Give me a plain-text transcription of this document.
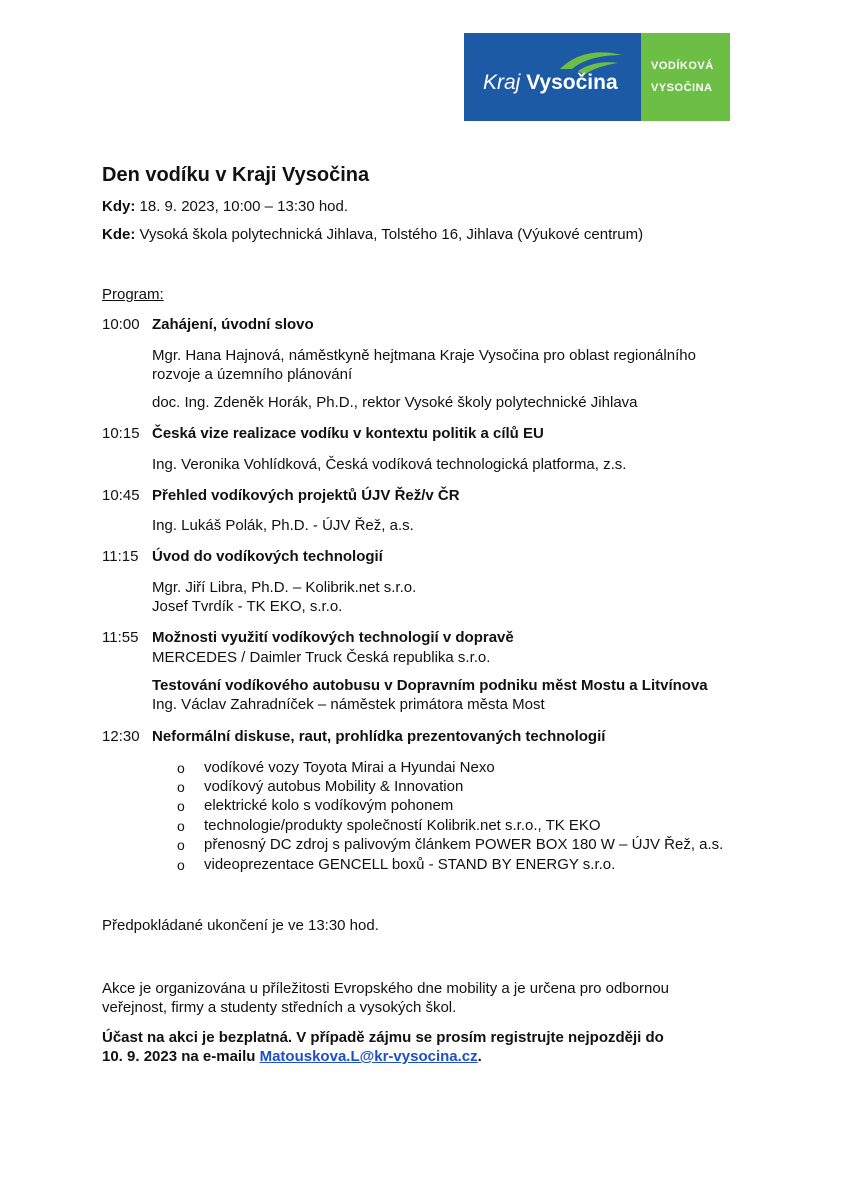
Kraj Vysočina
VODÍKOVÁ
VYSOČINA
Den vodíku v Kraji Vysočina
Kdy: 18. 9. 2023, 10:00 – 13:30 hod.
Kde: Vysoká škola polytechnická Jihlava, Tolstého 16, Jihlava (Výukové centrum)
Program:
10:00 Zahájení, úvodní slovo
Mgr. Hana Hajnová, náměstkyně hejtmana Kraje Vysočina pro oblast regionálního
rozvoje a územního plánování
doc. Ing. Zdeněk Horák, Ph.D., rektor Vysoké školy polytechnické Jihlava
10:15 Česká vize realizace vodíku v kontextu politik a cílů EU
Ing. Veronika Vohlídková, Česká vodíková technologická platforma, z.s.
10:45 Přehled vodíkových projektů ÚJV Řež/v ČR
Ing. Lukáš Polák, Ph.D. - ÚJV Řež, a.s.
11:15 Úvod do vodíkových technologií
Mgr. Jiří Libra, Ph.D. – Kolibrik.net s.r.o.
Josef Tvrdík - TK EKO, s.r.o.
11:55 Možnosti využití vodíkových technologií v dopravě
MERCEDES / Daimler Truck Česká republika s.r.o.
Testování vodíkového autobusu v Dopravním podniku měst Mostu a Litvínova
Ing. Václav Zahradníček – náměstek primátora města Most
12:30 Neformální diskuse, raut, prohlídka prezentovaných technologií
o vodíkové vozy Toyota Mirai a Hyundai Nexo
o vodíkový autobus Mobility & Innovation
o elektrické kolo s vodíkovým pohonem
o technologie/produkty společností Kolibrik.net s.r.o., TK EKO
o přenosný DC zdroj s palivovým článkem POWER BOX 180 W – ÚJV Řež, a.s.
o videoprezentace GENCELL boxů - STAND BY ENERGY s.r.o.
Předpokládané ukončení je ve 13:30 hod.
Akce je organizována u příležitosti Evropského dne mobility a je určena pro odbornou
veřejnost, firmy a studenty středních a vysokých škol.
Účast na akci je bezplatná. V případě zájmu se prosím registrujte nejpozději do
10. 9. 2023 na e-mailu Matouskova.L@kr-vysocina.cz.
